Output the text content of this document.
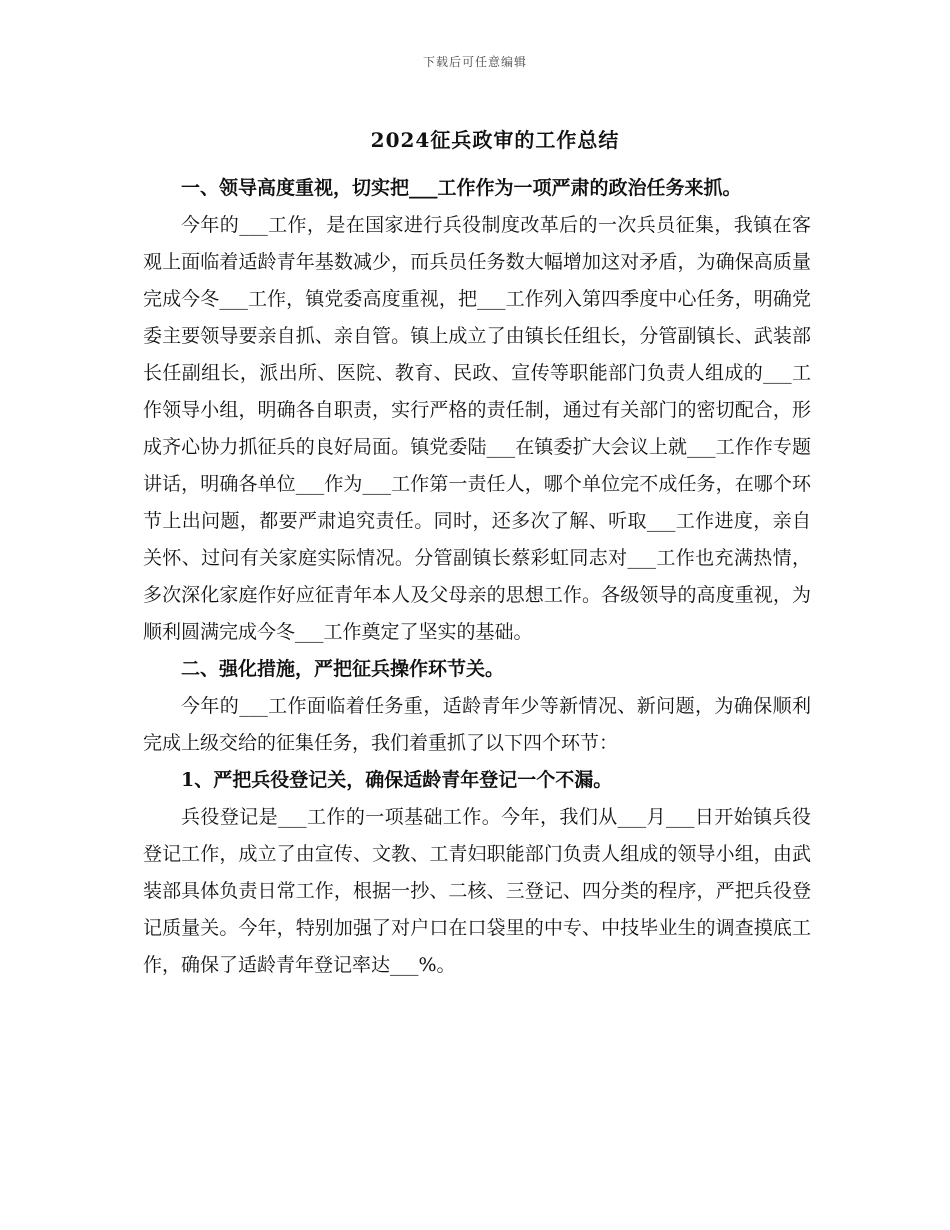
下载后可任意编辑
2024征兵政审的工作总结

一、领导高度重视，切实把___工作作为一项严肃的政治任务来抓。

今年的___工作，是在国家进行兵役制度改革后的一次兵员征集，我镇在客观上面临着适龄青年基数减少，而兵员任务数大幅增加这对矛盾，为确保高质量完成今冬___工作，镇党委高度重视，把___工作列入第四季度中心任务，明确党委主要领导要亲自抓、亲自管。镇上成立了由镇长任组长，分管副镇长、武装部长任副组长，派出所、医院、教育、民政、宣传等职能部门负责人组成的___工作领导小组，明确各自职责，实行严格的责任制，通过有关部门的密切配合，形成齐心协力抓征兵的良好局面。镇党委陆___在镇委扩大会议上就___工作作专题讲话，明确各单位___作为___工作第一责任人，哪个单位完不成任务，在哪个环节上出问题，都要严肃追究责任。同时，还多次了解、听取___工作进度，亲自关怀、过问有关家庭实际情况。分管副镇长蔡彩虹同志对___工作也充满热情，多次深化家庭作好应征青年本人及父母亲的思想工作。各级领导的高度重视，为顺利圆满完成今冬___工作奠定了坚实的基础。

二、强化措施，严把征兵操作环节关。

今年的___工作面临着任务重，适龄青年少等新情况、新问题，为确保顺利完成上级交给的征集任务，我们着重抓了以下四个环节：

1、严把兵役登记关，确保适龄青年登记一个不漏。

兵役登记是___工作的一项基础工作。今年，我们从___月___日开始镇兵役登记工作，成立了由宣传、文教、工青妇职能部门负责人组成的领导小组，由武装部具体负责日常工作，根据一抄、二核、三登记、四分类的程序，严把兵役登记质量关。今年，特别加强了对户口在口袋里的中专、中技毕业生的调查摸底工作，确保了适龄青年登记率达___%。
